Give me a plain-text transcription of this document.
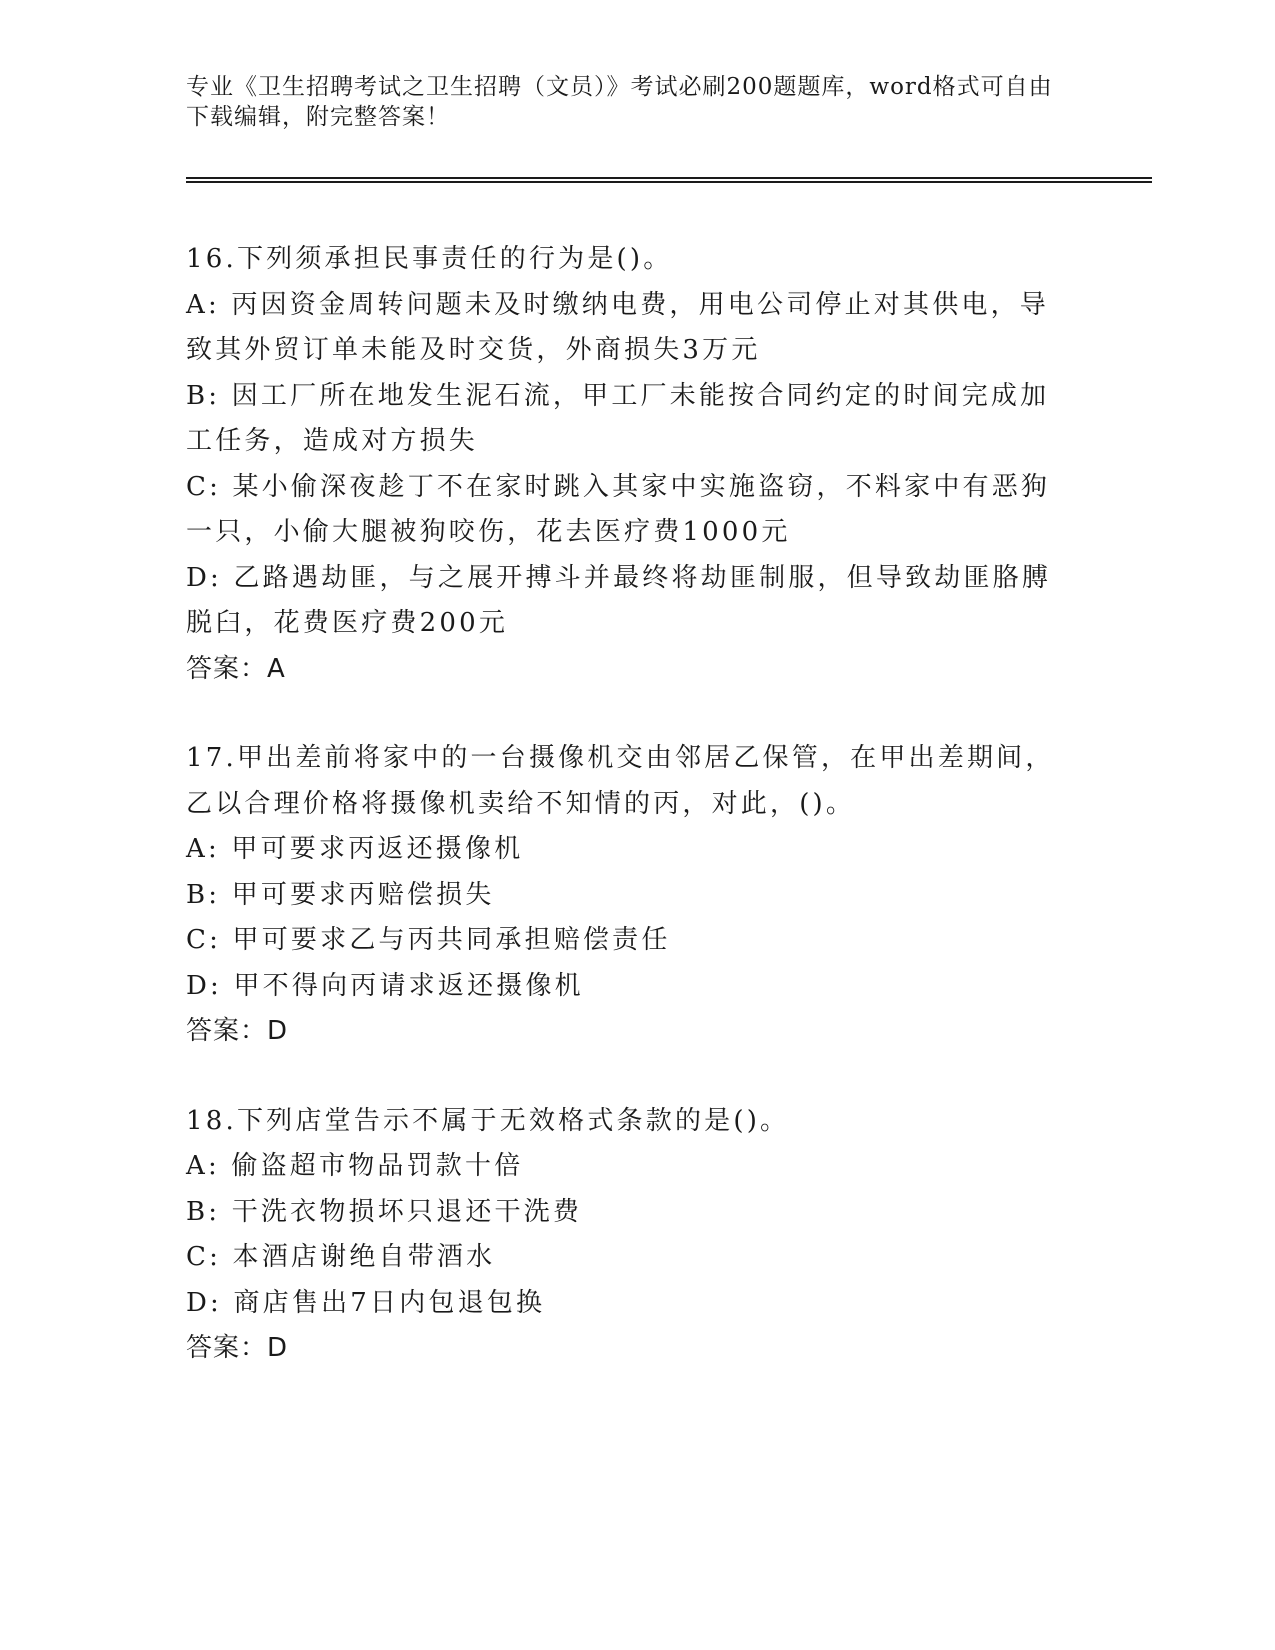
专业《卫生招聘考试之卫生招聘（文员）》考试必刷200题题库，word格式可自由下载编辑，附完整答案！

16.下列须承担民事责任的行为是()。

A: 丙因资金周转问题未及时缴纳电费，用电公司停止对其供电，导致其外贸订单未能及时交货，外商损失3万元

B: 因工厂所在地发生泥石流，甲工厂未能按合同约定的时间完成加工任务，造成对方损失

C: 某小偷深夜趁丁不在家时跳入其家中实施盗窃，不料家中有恶狗一只，小偷大腿被狗咬伤，花去医疗费1000元

D: 乙路遇劫匪，与之展开搏斗并最终将劫匪制服，但导致劫匪胳膊脱臼，花费医疗费200元

答案：A

17.甲出差前将家中的一台摄像机交由邻居乙保管，在甲出差期间，乙以合理价格将摄像机卖给不知情的丙，对此，()。

A: 甲可要求丙返还摄像机

B: 甲可要求丙赔偿损失

C: 甲可要求乙与丙共同承担赔偿责任

D: 甲不得向丙请求返还摄像机

答案：D

18.下列店堂告示不属于无效格式条款的是()。

A: 偷盗超市物品罚款十倍

B: 干洗衣物损坏只退还干洗费

C: 本酒店谢绝自带酒水

D: 商店售出7日内包退包换

答案：D
